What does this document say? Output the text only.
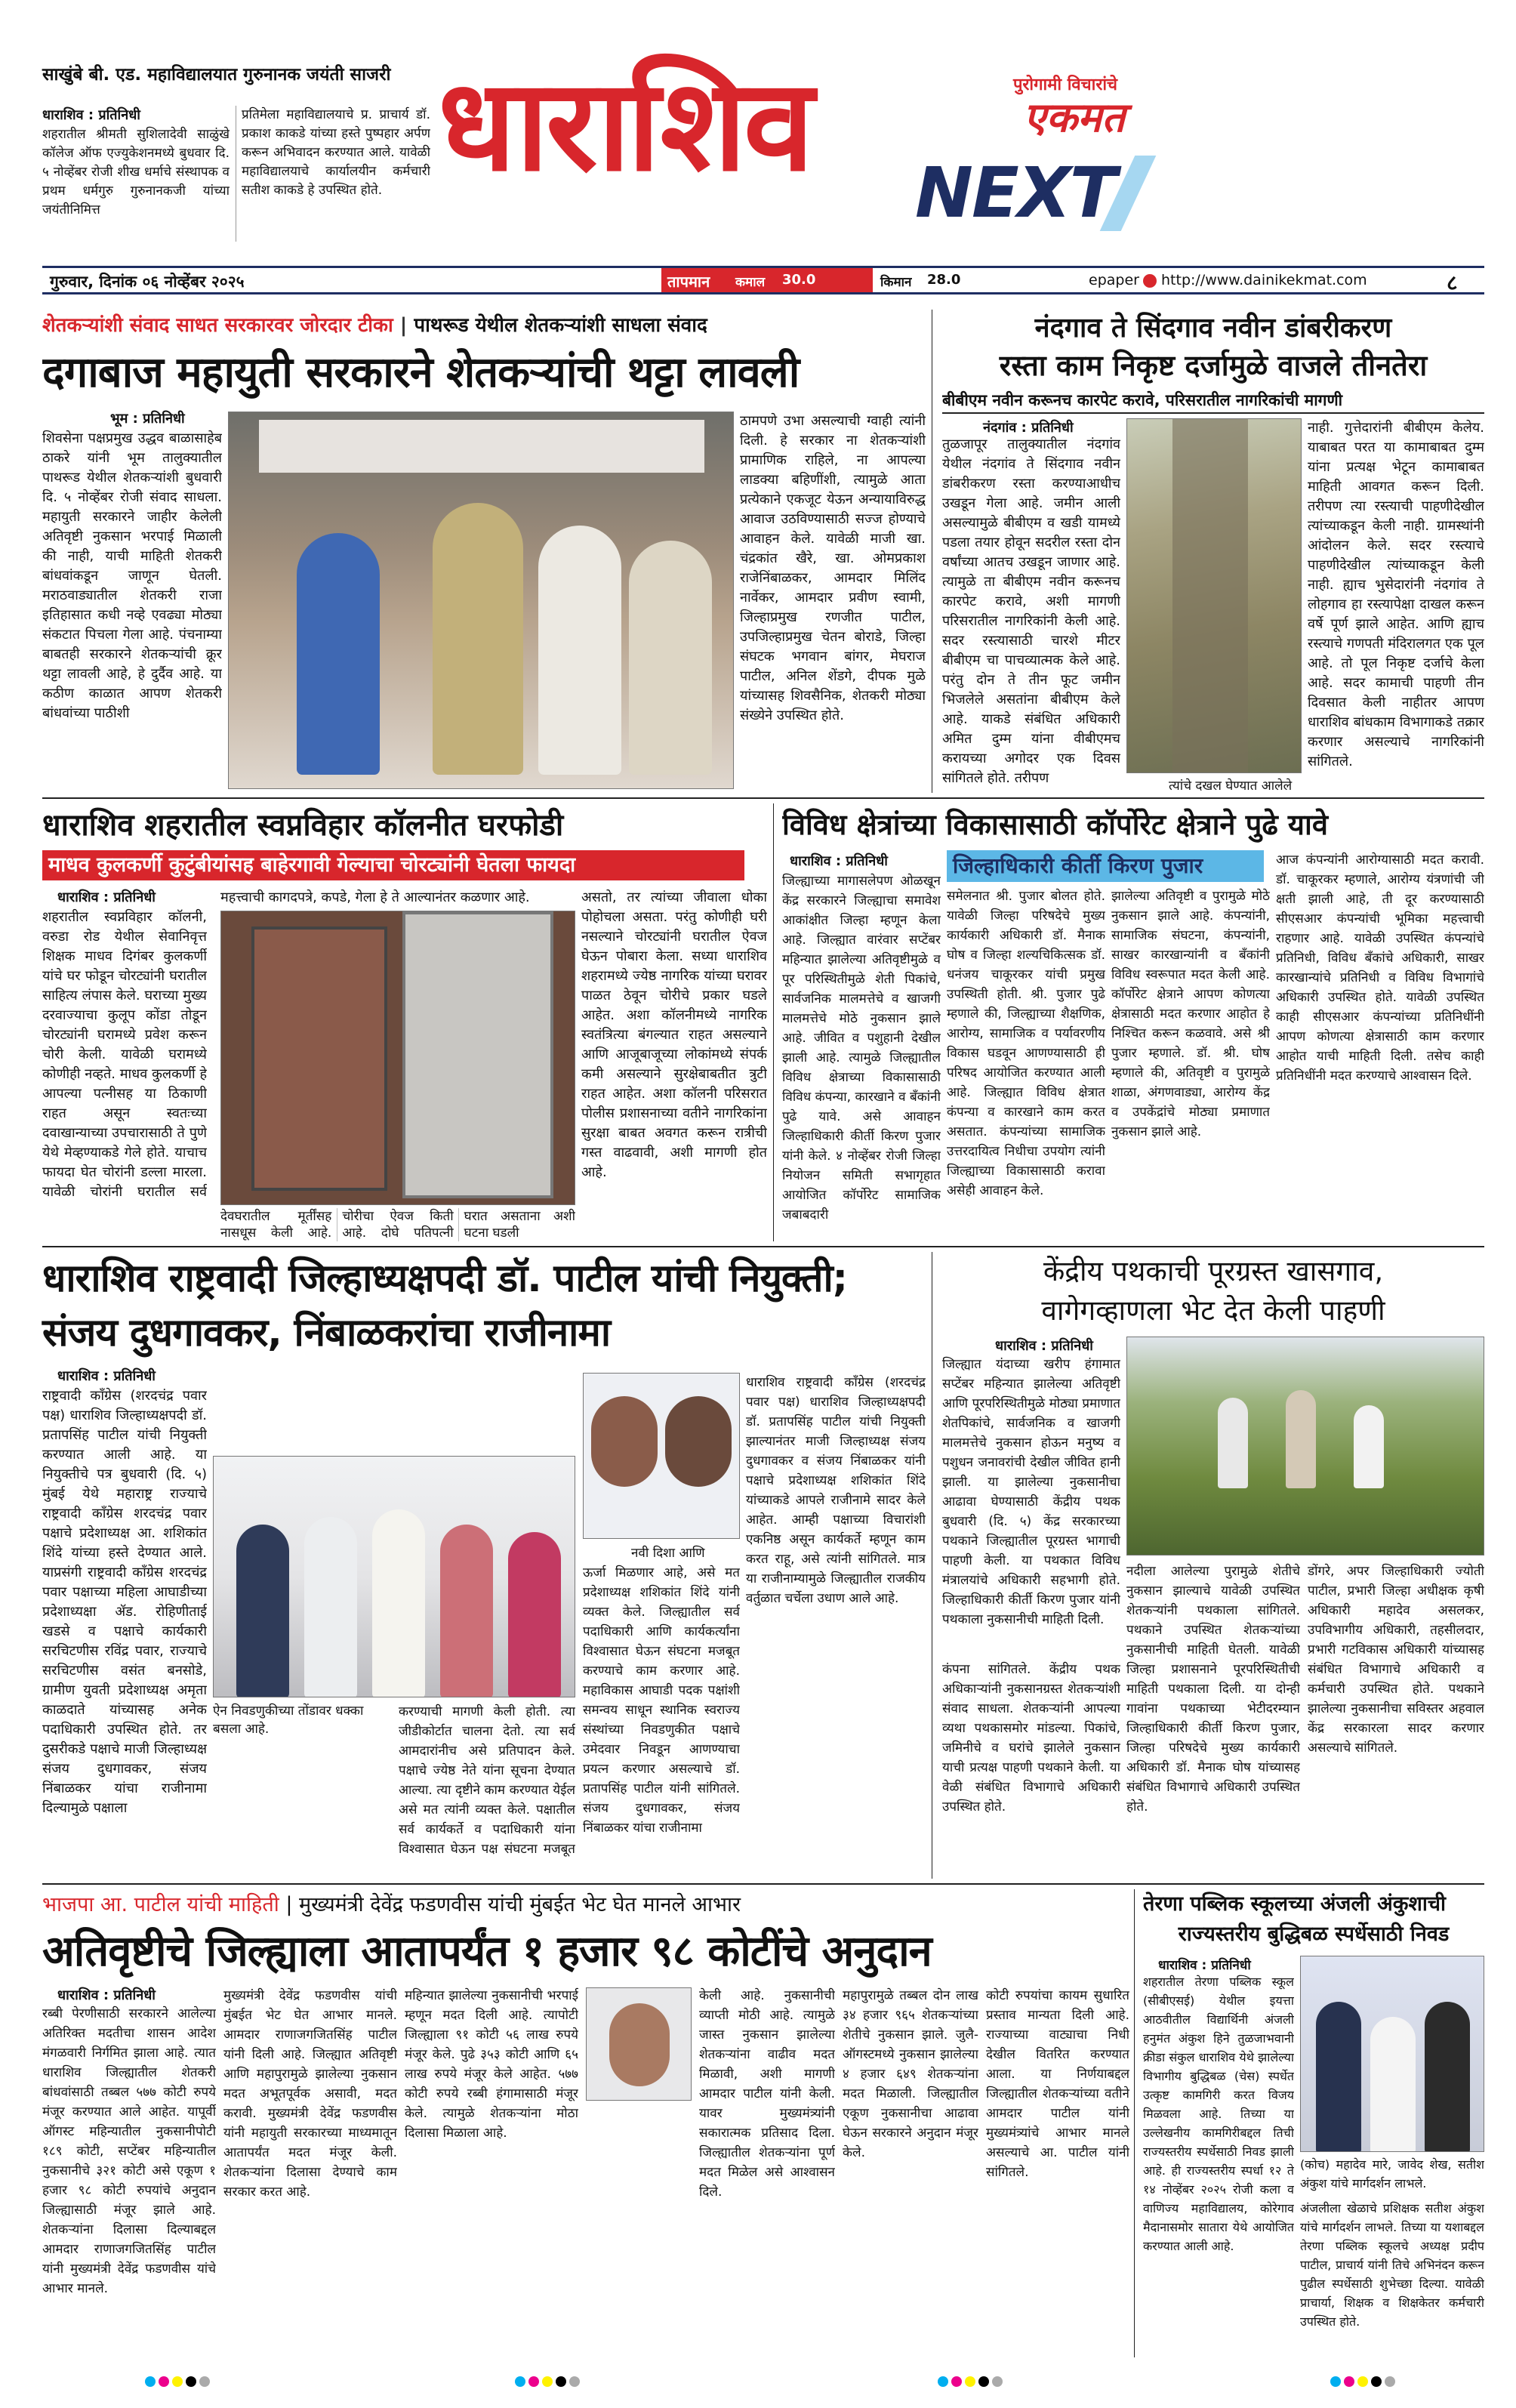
साखुंबे बी. एड. महाविद्यालयात गुरुनानक जयंती साजरी
धाराशिव : प्रतिनिधी
शहरातील श्रीमती सुशिलादेवी साळुंखे कॉलेज ऑफ एज्युकेशनमध्ये बुधवार दि. ५ नोव्हेंबर रोजी शीख धर्माचे संस्थापक व प्रथम धर्मगुरु गुरुनानकजी यांच्या जयंतीनिमित्त
प्रतिमेला महाविद्यालयाचे प्र. प्राचार्य डॉ. प्रकाश काकडे यांच्या हस्ते पुष्पहार अर्पण करून अभिवादन करण्यात आले. यावेळी महाविद्यालयाचे कार्यालयीन कर्मचारी सतीश काकडे हे उपस्थित होते. धाराशिव	पुरोगामी विचारांचे
एकमत
NEXT
गुरुवार, दिनांक ०६ नोव्हेंबर २०२५	तापमान कमाल 30.0	किमान 28.0	epaper http://www.dainikekmat.com	८
शेतकऱ्यांशी संवाद साधत सरकारवर जोरदार टीका | पाथरूड येथील शेतकऱ्यांशी साधला संवाद
दगाबाज महायुती सरकारने शेतकऱ्यांची थट्टा लावली
भूम : प्रतिनिधी
शिवसेना पक्षप्रमुख उद्धव बाळासाहेब ठाकरे यांनी भूम तालुक्यातील पाथरूड येथील शेतकऱ्यांशी बुधवारी दि. ५ नोव्हेंबर रोजी संवाद साधला. महायुती सरकारने जाहीर केलेली अतिवृष्टी नुकसान भरपाई मिळाली की नाही, याची माहिती शेतकरी बांधवांकडून जाणून घेतली. मराठवाड्यातील शेतकरी राजा इतिहासात कधी नव्हे एवढ्या मोठ्या संकटात पिचला गेला आहे. पंचनाम्या बाबतही सरकारने शेतकऱ्यांची क्रूर थट्टा लावली आहे, हे दुर्दैव आहे. या कठीण काळात आपण शेतकरी बांधवांच्या पाठीशी
ठामपणे उभा असल्याची ग्वाही त्यांनी दिली. हे सरकार ना शेतकऱ्यांशी प्रामाणिक राहिले, ना आपल्या लाडक्या बहिणींशी, त्यामुळे आता प्रत्येकाने एकजूट येऊन अन्यायाविरुद्ध आवाज उठविण्यासाठी सज्ज होण्याचे आवाहन केले. यावेळी माजी खा. चंद्रकांत खैरे, खा. ओमप्रकाश राजेनिंबाळकर, आमदार मिलिंद नार्वेकर, आमदार प्रवीण स्वामी, जिल्हाप्रमुख रणजीत पाटील, उपजिल्हाप्रमुख चेतन बोराडे, जिल्हा संघटक भगवान बांगर, मेघराज पाटील, अनिल शेंडगे, दीपक मुळे यांच्यासह शिवसैनिक, शेतकरी मोठ्या संख्येने उपस्थित होते.
नंदगाव ते सिंदगाव नवीन डांबरीकरण
रस्ता काम निकृष्ट दर्जामुळे वाजले तीनतेरा
बीबीएम नवीन करूनच कारपेट करावे, परिसरातील नागरिकांची मागणी
नंदगांव : प्रतिनिधी
तुळजापूर तालुक्यातील नंदगांव येथील नंदगांव ते सिंदगाव नवीन डांबरीकरण रस्ता करण्याआधीच उखडून गेला आहे. जमीन आली असल्यामुळे बीबीएम व खडी यामध्ये पडला तयार होवून सदरील रस्ता दोन वर्षांच्या आतच उखडून जाणार आहे. त्यामुळे ता बीबीएम नवीन करूनच कारपेट करावे, अशी मागणी परिसरातील नागरिकांनी केली आहे. सदर रस्त्यासाठी चारशे मीटर बीबीएम चा पाचव्यात्मक केले आहे. परंतु दोन ते तीन फूट जमीन भिजलेले असतांना बीबीएम केले आहे. याकडे संबंधित अधिकारी अमित दुम्म यांना वीबीएमच करायच्या अगोदर एक दिवस सांगितले होते. तरीपण	त्यांचे दखल घेण्यात आलेले
नाही. गुत्तेदारांनी बीबीएम केलेय. याबाबत परत या कामाबाबत दुम्म यांना प्रत्यक्ष भेटून कामाबाबत माहिती आवगत करून दिली. तरीपण त्या रस्त्याची पाहणीदेखील त्यांच्याकडून केली नाही. ग्रामस्थांनी आंदोलन केले. सदर रस्त्याचे पाहणीदेखील त्यांच्याकडून केली नाही. ह्याच भुसेदारांनी नंदगांव ते लोहगाव हा रस्त्यापेक्षा दाखल करून वर्षे पूर्ण झाले आहेत. आणि ह्याच रस्त्याचे गणपती मंदिरालगत एक पूल आहे. तो पूल निकृष्ट दर्जाचे केला आहे. सदर कामाची पाहणी तीन दिवसात केली नाहीतर आपण धाराशिव बांधकाम विभागाकडे तक्रार करणार असल्याचे नागरिकांनी सांगितले.
धाराशिव शहरातील स्वप्नविहार कॉलनीत घरफोडी
माधव कुलकर्णी कुटुंबीयांसह बाहेरगावी गेल्याचा चोरट्यांनी घेतला फायदा
धाराशिव : प्रतिनिधी
शहरातील स्वप्नविहार कॉलनी, वरुडा रोड येथील सेवानिवृत्त शिक्षक माधव दिगंबर कुलकर्णी यांचे घर फोडून चोरट्यांनी घरातील साहित्य लंपास केले. घराच्या मुख्य दरवाज्याचा कुलूप कोंडा तोडून चोरट्यांनी घरामध्ये प्रवेश करून चोरी केली. यावेळी घरामध्ये कोणीही नव्हते. माधव कुलकर्णी हे आपल्या पत्नीसह या ठिकाणी राहत असून स्वतःच्या दवाखान्याच्या उपचारासाठी ते पुणे येथे मेव्हण्याकडे गेले होते. याचाच फायदा घेत चोरांनी डल्ला मारला. यावेळी चोरांनी घरातील सर्व
महत्त्वाची कागदपत्रे, कपडे, गेला हे ते आल्यानंतर कळणार आहे.
देवघरातील मूर्तींसह नासधूस केली आहे. चोरीचा ऐवज किती आहे. दोघे पतिपत्नी घरात असताना अशी घटना घडली
असतो, तर त्यांच्या जीवाला धोका पोहोचला असता. परंतु कोणीही घरी नसल्याने चोरट्यांनी घरातील ऐवज घेऊन पोबारा केला. सध्या धाराशिव शहरामध्ये ज्येष्ठ नागरिक यांच्या घरावर पाळत ठेवून चोरीचे प्रकार घडले आहेत. अशा कॉलनीमध्ये नागरिक स्वतंत्रित्या बंगल्यात राहत असल्याने आणि आजूबाजूच्या लोकांमध्ये संपर्क कमी असल्याने सुरक्षेबाबतीत त्रुटी राहत आहेत. अशा कॉलनी परिसरात पोलीस प्रशासनाच्या वतीने नागरिकांना सुरक्षा बाबत अवगत करून रात्रीची गस्त वाढवावी, अशी मागणी होत आहे.
विविध क्षेत्रांच्या विकासासाठी कॉर्पोरेट क्षेत्राने पुढे यावे
धाराशिव : प्रतिनिधी	जिल्हाधिकारी कीर्ती किरण पुजार
जिल्ह्याच्या मागासलेपण ओळखून केंद्र सरकारने जिल्ह्याचा समावेश आकांक्षीत जिल्हा म्हणून केला आहे. जिल्ह्यात वारंवार सप्टेंबर महिन्यात झालेल्या अतिवृष्टीमुळे व पूर परिस्थितीमुळे शेती पिकांचे, सार्वजनिक मालमत्तेचे व खाजगी मालमत्तेचे मोठे नुकसान झाले आहे. जीवित व पशुहानी देखील झाली आहे. त्यामुळे जिल्ह्यातील विविध क्षेत्राच्या विकासासाठी विविध कंपन्या, कारखाने व बँकांनी पुढे यावे. असे आवाहन जिल्हाधिकारी कीर्ती किरण पुजार यांनी केले. ४ नोव्हेंबर रोजी जिल्हा नियोजन समिती सभागृहात आयोजित कॉर्पोरेट सामाजिक जबाबदारी
समेलनात श्री. पुजार बोलत होते. यावेळी जिल्हा परिषदेचे मुख्य कार्यकारी अधिकारी डॉ. मैनाक घोष व जिल्हा शल्यचिकित्सक डॉ. धनंजय चाकूरकर यांची प्रमुख उपस्थिती होती. श्री. पुजार पुढे म्हणाले की, जिल्ह्याच्या शैक्षणिक, आरोग्य, सामाजिक व पर्यावरणीय विकास घडवून आणण्यासाठी ही परिषद आयोजित करण्यात आली आहे. जिल्ह्यात विविध क्षेत्रात कंपन्या व कारखाने काम करत असतात. कंपन्यांच्या सामाजिक उत्तरदायित्व निधीचा उपयोग त्यांनी जिल्ह्याच्या विकासासाठी करावा असेही आवाहन केले.
झालेल्या अतिवृष्टी व पुरामुळे मोठे नुकसान झाले आहे. कंपन्यांनी, सामाजिक संघटना, कंपन्यांनी, साखर कारखान्यांनी व बँकांनी विविध स्वरूपात मदत केली आहे. कॉर्पोरेट क्षेत्राने आपण कोणत्या क्षेत्रासाठी मदत करणार आहोत हे निश्चित करून कळवावे. असे श्री पुजार म्हणाले. डॉ. श्री. घोष म्हणाले की, अतिवृष्टी व पुरामुळे शाळा, अंगणवाड्या, आरोग्य केंद्र व उपकेंद्रांचे मोठ्या प्रमाणात नुकसान झाले आहे.
आज कंपन्यांनी आरोग्यासाठी मदत करावी. डॉ. चाकूरकर म्हणाले, आरोग्य यंत्रणांची जी क्षती झाली आहे, ती दूर करण्यासाठी सीएसआर कंपन्यांची भूमिका महत्त्वाची राहणार आहे. यावेळी उपस्थित कंपन्यांचे प्रतिनिधी, विविध बँकांचे अधिकारी, साखर कारखान्यांचे प्रतिनिधी व विविध विभागांचे अधिकारी उपस्थित होते. यावेळी उपस्थित काही सीएसआर कंपन्यांच्या प्रतिनिधींनी आपण कोणत्या क्षेत्रासाठी काम करणार आहोत याची माहिती दिली. तसेच काही प्रतिनिधींनी मदत करण्याचे आश्वासन दिले.
धाराशिव राष्ट्रवादी जिल्हाध्यक्षपदी डॉ. पाटील यांची नियुक्ती; संजय दुधगावकर, निंबाळकरांचा राजीनामा
धाराशिव : प्रतिनिधी
राष्ट्रवादी काँग्रेस (शरदचंद्र पवार पक्ष) धाराशिव जिल्हाध्यक्षपदी डॉ. प्रतापसिंह पाटील यांची नियुक्ती करण्यात आली आहे. या नियुक्तीचे पत्र बुधवारी (दि. ५) मुंबई येथे महाराष्ट्र राज्याचे राष्ट्रवादी काँग्रेस शरदचंद्र पवार पक्षाचे प्रदेशाध्यक्ष आ. शशिकांत शिंदे यांच्या हस्ते देण्यात आले. याप्रसंगी राष्ट्रवादी काँग्रेस शरदचंद्र पवार पक्षाच्या महिला आघाडीच्या प्रदेशाध्यक्षा ॲड. रोहिणीताई खडसे व पक्षाचे कार्यकारी सरचिटणीस रविंद्र पवार, राज्याचे सरचिटणीस वसंत बनसोडे, ग्रामीण युवती प्रदेशाध्यक्ष अमृता काळदाते यांच्यासह अनेक पदाधिकारी उपस्थित होते. तर दुसरीकडे पक्षाचे माजी जिल्हाध्यक्ष संजय दुधगावकर, संजय निंबाळकर यांचा राजीनामा दिल्यामुळे पक्षाला
ऐन निवडणुकीच्या तोंडावर धक्का बसला आहे.
करण्याची मागणी केली होती. त्या जीडीकोर्टात चालना देतो. त्या सर्व आमदारांनीच असे प्रतिपादन केले. पक्षाचे ज्येष्ठ नेते यांना सूचना देण्यात आल्या. त्या दृष्टीने काम करण्यात येईल असे मत त्यांनी व्यक्त केले. पक्षातील सर्व कार्यकर्ते व पदाधिकारी यांना विश्वासात घेऊन पक्ष संघटना मजबूत
नवी दिशा आणि
ऊर्जा मिळणार आहे, असे मत प्रदेशाध्यक्ष शशिकांत शिंदे यांनी व्यक्त केले. जिल्ह्यातील सर्व पदाधिकारी आणि कार्यकर्त्यांना विश्वासात घेऊन संघटना मजबूत करण्याचे काम करणार आहे. महाविकास आघाडी पदक पक्षांशी समन्वय साधून स्थानिक स्वराज्य संस्थांच्या निवडणुकीत पक्षाचे उमेदवार निवडून आणण्याचा प्रयत्न करणार असल्याचे डॉ. प्रतापसिंह पाटील यांनी सांगितले. संजय दुधगावकर, संजय निंबाळकर यांचा राजीनामा
धाराशिव राष्ट्रवादी काँग्रेस (शरदचंद्र पवार पक्ष) धाराशिव जिल्हाध्यक्षपदी डॉ. प्रतापसिंह पाटील यांची नियुक्ती झाल्यानंतर माजी जिल्हाध्यक्ष संजय दुधगावकर व संजय निंबाळकर यांनी पक्षाचे प्रदेशाध्यक्ष शशिकांत शिंदे यांच्याकडे आपले राजीनामे सादर केले आहेत. आम्ही पक्षाच्या विचारांशी एकनिष्ठ असून कार्यकर्ते म्हणून काम करत राहू, असे त्यांनी सांगितले. मात्र या राजीनाम्यामुळे जिल्ह्यातील राजकीय वर्तुळात चर्चेला उधाण आले आहे.
केंद्रीय पथकाची पूरग्रस्त खासगाव,
वागेगव्हाणला भेट देत केली पाहणी
धाराशिव : प्रतिनिधी
जिल्ह्यात यंदाच्या खरीप हंगामात सप्टेंबर महिन्यात झालेल्या अतिवृष्टी आणि पूरपरिस्थितीमुळे मोठ्या प्रमाणात शेतपिकांचे, सार्वजनिक व खाजगी मालमत्तेचे नुकसान होऊन मनुष्य व पशुधन जनावरांची देखील जीवित हानी झाली. या झालेल्या नुकसानीचा आढावा घेण्यासाठी केंद्रीय पथक बुधवारी (दि. ५) केंद्र सरकारच्या पथकाने जिल्ह्यातील पूरग्रस्त भागाची पाहणी केली. या पथकात विविध मंत्रालयांचे अधिकारी सहभागी होते. जिल्हाधिकारी कीर्ती किरण पुजार यांनी पथकाला नुकसानीची माहिती दिली.
कंपना सांगितले. केंद्रीय पथक अधिकाऱ्यांनी नुकसानग्रस्त शेतकऱ्यांशी संवाद साधला. शेतकऱ्यांनी आपल्या व्यथा पथकासमोर मांडल्या. पिकांचे, जमिनीचे व घरांचे झालेले नुकसान याची प्रत्यक्ष पाहणी पथकाने केली. या वेळी संबंधित विभागाचे अधिकारी उपस्थित होते.
नदीला आलेल्या पुरामुळे शेतीचे नुकसान झाल्याचे यावेळी उपस्थित शेतकऱ्यांनी पथकाला सांगितले. पथकाने उपस्थित शेतकऱ्यांच्या नुकसानीची माहिती घेतली. यावेळी जिल्हा प्रशासनाने पूरपरिस्थितीची माहिती पथकाला दिली. या दोन्ही गावांना पथकाच्या भेटीदरम्यान जिल्हाधिकारी कीर्ती किरण पुजार, जिल्हा परिषदेचे मुख्य कार्यकारी अधिकारी डॉ. मैनाक घोष यांच्यासह संबंधित विभागाचे अधिकारी उपस्थित होते.
डोंगरे, अपर जिल्हाधिकारी ज्योती पाटील, प्रभारी जिल्हा अधीक्षक कृषी अधिकारी महादेव असलकर, उपविभागीय अधिकारी, तहसीलदार, प्रभारी गटविकास अधिकारी यांच्यासह संबंधित विभागाचे अधिकारी व कर्मचारी उपस्थित होते. पथकाने झालेल्या नुकसानीचा सविस्तर अहवाल केंद्र सरकारला सादर करणार असल्याचे सांगितले.
भाजपा आ. पाटील यांची माहिती | मुख्यमंत्री देवेंद्र फडणवीस यांची मुंबईत भेट घेत मानले आभार
अतिवृष्टीचे जिल्ह्याला आतापर्यंत १ हजार ९८ कोटींचे अनुदान
धाराशिव : प्रतिनिधी
रब्बी पेरणीसाठी सरकारने आलेल्या अतिरिक्त मदतीचा शासन आदेश मंगळवारी निर्गमित झाला आहे. त्यात धाराशिव जिल्ह्यातील शेतकरी बांधवांसाठी तब्बल ५७७ कोटी रुपये मंजूर करण्यात आले आहेत. यापूर्वी ऑगस्ट महिन्यातील नुकसानीपोटी १८९ कोटी, सप्टेंबर महिन्यातील नुकसानीचे ३२१ कोटी असे एकूण १ हजार ९८ कोटी रुपयांचे अनुदान जिल्ह्यासाठी मंजूर झाले आहे. शेतकऱ्यांना दिलासा दिल्याबद्दल आमदार राणाजगजितसिंह पाटील यांनी मुख्यमंत्री देवेंद्र फडणवीस यांचे आभार मानले.
मुख्यमंत्री देवेंद्र फडणवीस यांची मुंबईत भेट घेत आभार मानले. आमदार राणाजगजितसिंह पाटील यांनी दिली आहे. जिल्ह्यात अतिवृष्टी आणि महापुरामुळे झालेल्या नुकसान मदत अभूतपूर्वक असावी, मदत करावी. मुख्यमंत्री देवेंद्र फडणवीस यांनी महायुती सरकारच्या माध्यमातून आतापर्यंत मदत मंजूर केली. शेतकऱ्यांना दिलासा देण्याचे काम सरकार करत आहे.
महिन्यात झालेल्या नुकसानीची भरपाई म्हणून मदत दिली आहे. त्यापोटी जिल्ह्याला ९१ कोटी ५६ लाख रुपये मंजूर केले. पुढे ३५३ कोटी आणि ६५ लाख रुपये मंजूर केले आहेत. ५७७ कोटी रुपये रब्बी हंगामासाठी मंजूर केले. त्यामुळे शेतकऱ्यांना मोठा दिलासा मिळाला आहे.
केली आहे. नुकसानीची व्याप्ती मोठी आहे. त्यामुळे जास्त नुकसान झालेल्या शेतकऱ्यांना वाढीव मदत मिळावी, अशी मागणी आमदार पाटील यांनी केली. यावर मुख्यमंत्र्यांनी सकारात्मक प्रतिसाद दिला. जिल्ह्यातील शेतकऱ्यांना पूर्ण मदत मिळेल असे आश्वासन दिले.
महापुरामुळे तब्बल दोन लाख ३४ हजार ९६५ शेतकऱ्यांच्या शेतीचे नुकसान झाले. जुलै-ऑगस्टमध्ये नुकसान झालेल्या ४ हजार ६४९ शेतकऱ्यांना मदत मिळाली. जिल्ह्यातील एकूण नुकसानीचा आढावा घेऊन सरकारने अनुदान मंजूर केले.
कोटी रुपयांचा कायम सुधारित प्रस्ताव मान्यता दिली आहे. राज्याच्या वाट्याचा निधी देखील वितरित करण्यात आला. या निर्णयाबद्दल जिल्ह्यातील शेतकऱ्यांच्या वतीने आमदार पाटील यांनी मुख्यमंत्र्यांचे आभार मानले असल्याचे आ. पाटील यांनी सांगितले.
तेरणा पब्लिक स्कूलच्या अंजली अंकुशाची
राज्यस्तरीय बुद्धिबळ स्पर्धेसाठी निवड
धाराशिव : प्रतिनिधी
शहरातील तेरणा पब्लिक स्कूल (सीबीएसई) येथील इयत्ता आठवीतील विद्यार्थिनी अंजली हनुमंत अंकुश हिने तुळजाभवानी क्रीडा संकुल धाराशिव येथे झालेल्या विभागीय बुद्धिबळ (चेस) स्पर्धेत उत्कृष्ट कामगिरी करत विजय मिळवला आहे. तिच्या या उल्लेखनीय कामगिरीबद्दल तिची राज्यस्तरीय स्पर्धेसाठी निवड झाली आहे. ही राज्यस्तरीय स्पर्धा १२ ते १४ नोव्हेंबर २०२५ रोजी कला व वाणिज्य महाविद्यालय, कोरेगाव मैदानासमोर सातारा येथे आयोजित करण्यात आली आहे.
(कोच) महादेव मारे, जावेद शेख, सतीश अंकुश यांचे मार्गदर्शन लाभले.
अंजलीला खेळाचे प्रशिक्षक सतीश अंकुश यांचे मार्गदर्शन लाभले. तिच्या या यशाबद्दल तेरणा पब्लिक स्कूलचे अध्यक्ष प्रदीप पाटील, प्राचार्य यांनी तिचे अभिनंदन करून पुढील स्पर्धेसाठी शुभेच्छा दिल्या. यावेळी प्राचार्या, शिक्षक व शिक्षकेतर कर्मचारी उपस्थित होते.
